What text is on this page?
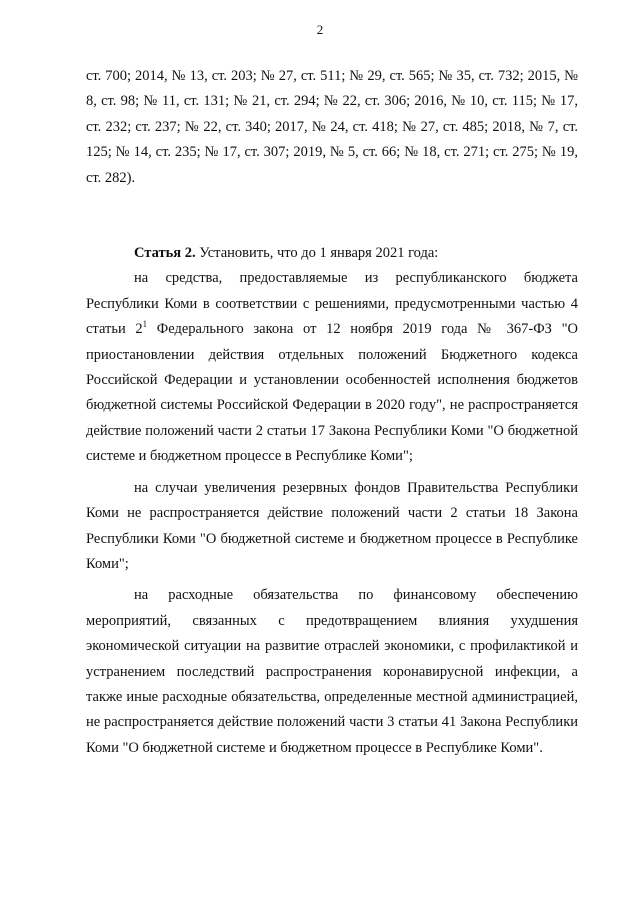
2

ст. 700; 2014, № 13, ст. 203; № 27, ст. 511; № 29, ст. 565; № 35, ст. 732; 2015, № 8, ст. 98; № 11, ст. 131; № 21, ст. 294; № 22, ст. 306; 2016, № 10, ст. 115; № 17, ст. 232; ст. 237; № 22, ст. 340; 2017, № 24, ст. 418; № 27, ст. 485; 2018, № 7, ст. 125; № 14, ст. 235; № 17, ст. 307; 2019, № 5, ст. 66; № 18, ст. 271; ст. 275; № 19, ст. 282).

Статья 2. Установить, что до 1 января 2021 года:

на средства, предоставляемые из республиканского бюджета Республики Коми в соответствии с решениями, предусмотренными частью 4 статьи $2^1$ Федерального закона от 12 ноября 2019 года № 367-ФЗ "О приостановлении действия отдельных положений Бюджетного кодекса Российской Федерации и установлении особенностей исполнения бюджетов бюджетной системы Российской Федерации в 2020 году", не распространяется действие положений части 2 статьи 17 Закона Республики Коми "О бюджетной системе и бюджетном процессе в Республике Коми";

на случаи увеличения резервных фондов Правительства Республики Коми не распространяется действие положений части 2 статьи 18 Закона Республики Коми "О бюджетной системе и бюджетном процессе в Республике Коми";

на расходные обязательства по финансовому обеспечению мероприятий, связанных с предотвращением влияния ухудшения экономической ситуации на развитие отраслей экономики, с профилактикой и устранением последствий распространения коронавирусной инфекции, а также иные расходные обязательства, определенные местной администрацией, не распространяется действие положений части 3 статьи 41 Закона Республики Коми "О бюджетной системе и бюджетном процессе в Республике Коми".
